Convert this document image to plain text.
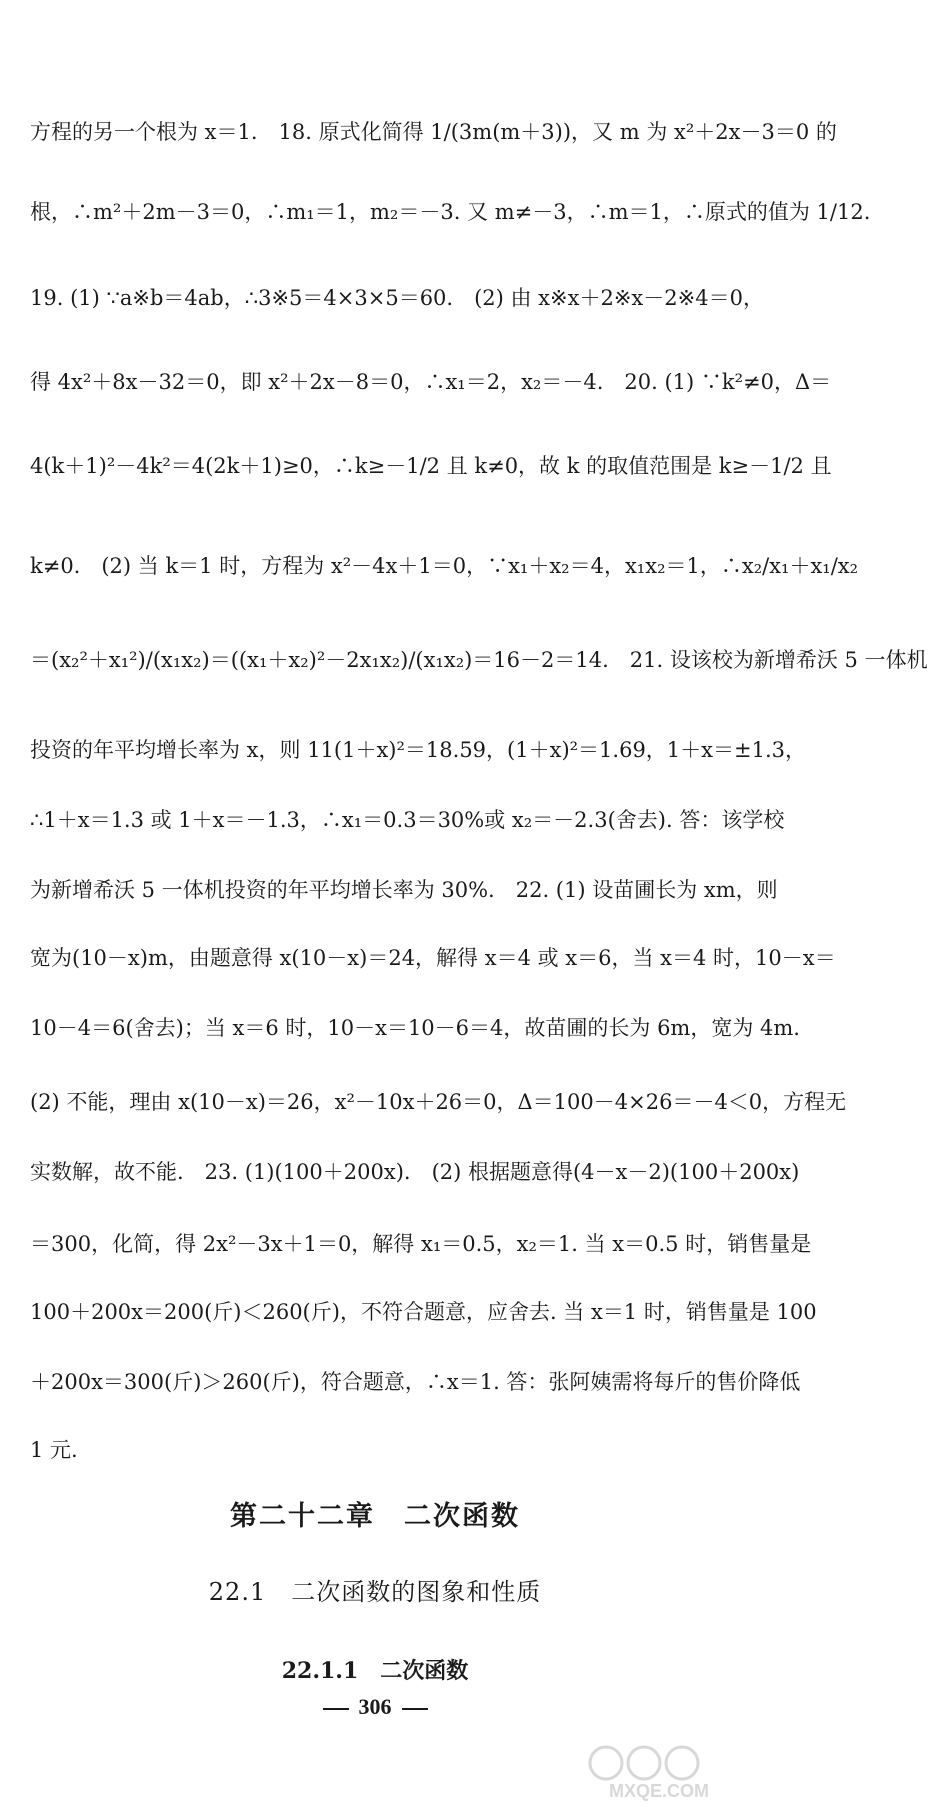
方程的另一个根为 x＝1.　18. 原式化简得 1/(3m(m＋3))，又 m 为 x²＋2x－3＝0 的
根，∴m²＋2m－3＝0，∴m₁＝1，m₂＝－3. 又 m≠－3，∴m＝1，∴原式的值为 1/12.
19. (1) ∵a※b＝4ab，∴3※5＝4×3×5＝60.　(2) 由 x※x＋2※x－2※4＝0，
得 4x²＋8x－32＝0，即 x²＋2x－8＝0，∴x₁＝2，x₂＝－4.　20. (1) ∵k²≠0，Δ＝
4(k＋1)²－4k²＝4(2k＋1)≥0，∴k≥－1/2 且 k≠0，故 k 的取值范围是 k≥－1/2 且
k≠0.　(2) 当 k＝1 时，方程为 x²－4x＋1＝0，∵x₁＋x₂＝4，x₁x₂＝1，∴x₂/x₁＋x₁/x₂
＝(x₂²＋x₁²)/(x₁x₂)＝((x₁＋x₂)²－2x₁x₂)/(x₁x₂)＝16－2＝14.　21. 设该校为新增希沃 5 一体机
投资的年平均增长率为 x，则 11(1＋x)²＝18.59，(1＋x)²＝1.69，1＋x＝±1.3，
∴1＋x＝1.3 或 1＋x＝－1.3，∴x₁＝0.3＝30%或 x₂＝－2.3(舍去). 答：该学校
为新增希沃 5 一体机投资的年平均增长率为 30%.　22. (1) 设苗圃长为 xm，则
宽为(10－x)m，由题意得 x(10－x)＝24，解得 x＝4 或 x＝6，当 x＝4 时，10－x＝
10－4＝6(舍去)；当 x＝6 时，10－x＝10－6＝4，故苗圃的长为 6m，宽为 4m.
(2) 不能，理由 x(10－x)＝26，x²－10x＋26＝0，Δ＝100－4×26＝－4＜0，方程无
实数解，故不能.　23. (1)(100＋200x).　(2) 根据题意得(4－x－2)(100＋200x)
＝300，化简，得 2x²－3x＋1＝0，解得 x₁＝0.5，x₂＝1. 当 x＝0.5 时，销售量是
100＋200x＝200(斤)＜260(斤)，不符合题意，应舍去. 当 x＝1 时，销售量是 100
＋200x＝300(斤)＞260(斤)，符合题意，∴x＝1. 答：张阿姨需将每斤的售价降低
1 元.
第二十二章　二次函数
22.1　二次函数的图象和性质
22.1.1　二次函数
306
MXQE.COM
